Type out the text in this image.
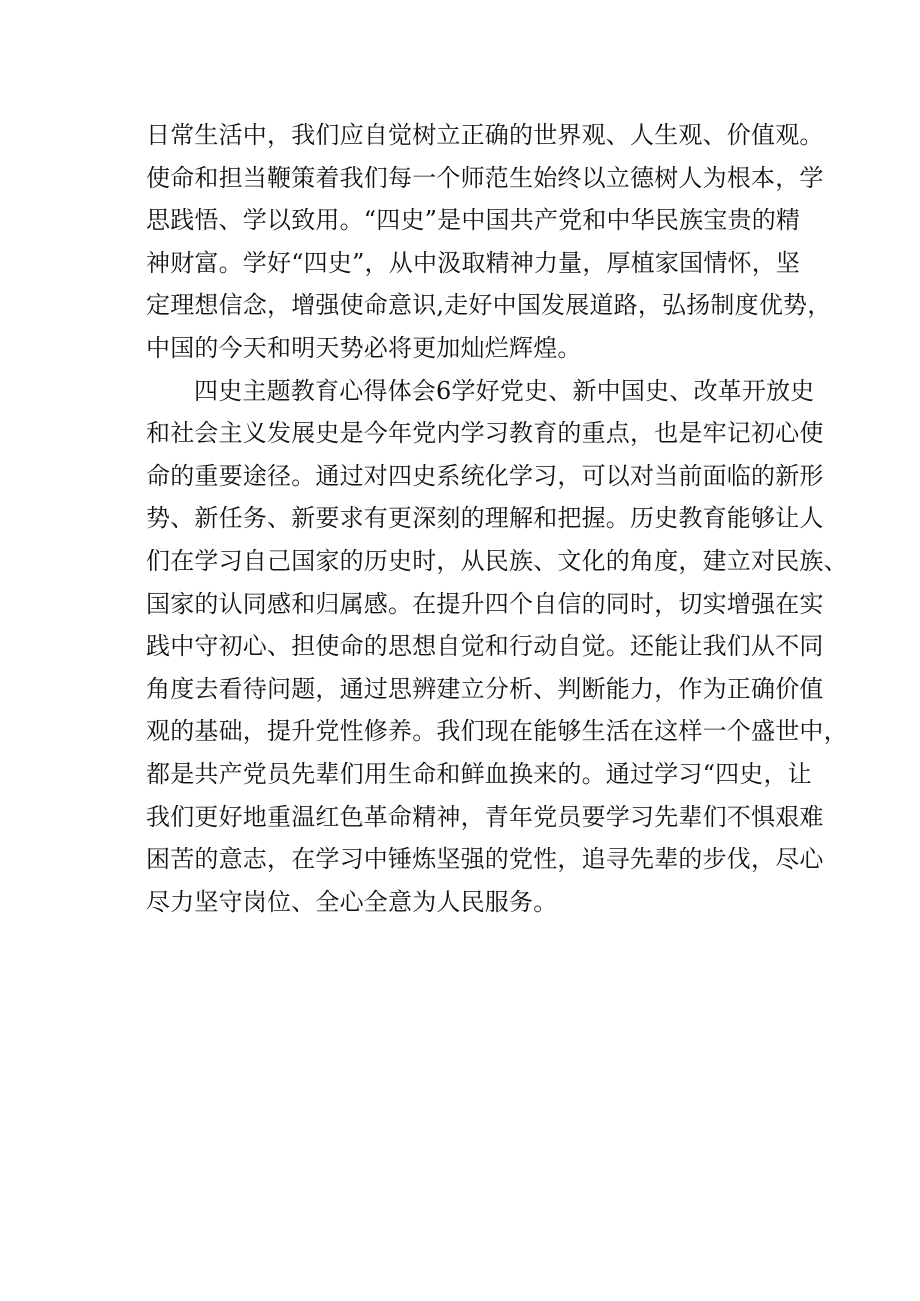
日常生活中，我们应自觉树立正确的世界观、人生观、价值观。
使命和担当鞭策着我们每一个师范生始终以立德树人为根本，学
思践悟、学以致用。“四史”是中国共产党和中华民族宝贵的精
神财富。学好“四史”，从中汲取精神力量，厚植家国情怀，坚
定理想信念，增强使命意识,走好中国发展道路，弘扬制度优势，
中国的今天和明天势必将更加灿烂辉煌。
四史主题教育心得体会6学好党史、新中国史、改革开放史
和社会主义发展史是今年党内学习教育的重点，也是牢记初心使
命的重要途径。通过对四史系统化学习，可以对当前面临的新形
势、新任务、新要求有更深刻的理解和把握。历史教育能够让人
们在学习自己国家的历史时，从民族、文化的角度，建立对民族、
国家的认同感和归属感。在提升四个自信的同时，切实增强在实
践中守初心、担使命的思想自觉和行动自觉。还能让我们从不同
角度去看待问题，通过思辨建立分析、判断能力，作为正确价值
观的基础，提升党性修养。我们现在能够生活在这样一个盛世中，
都是共产党员先辈们用生命和鲜血换来的。通过学习“四史，让
我们更好地重温红色革命精神，青年党员要学习先辈们不惧艰难
困苦的意志，在学习中锤炼坚强的党性，追寻先辈的步伐，尽心
尽力坚守岗位、全心全意为人民服务。
